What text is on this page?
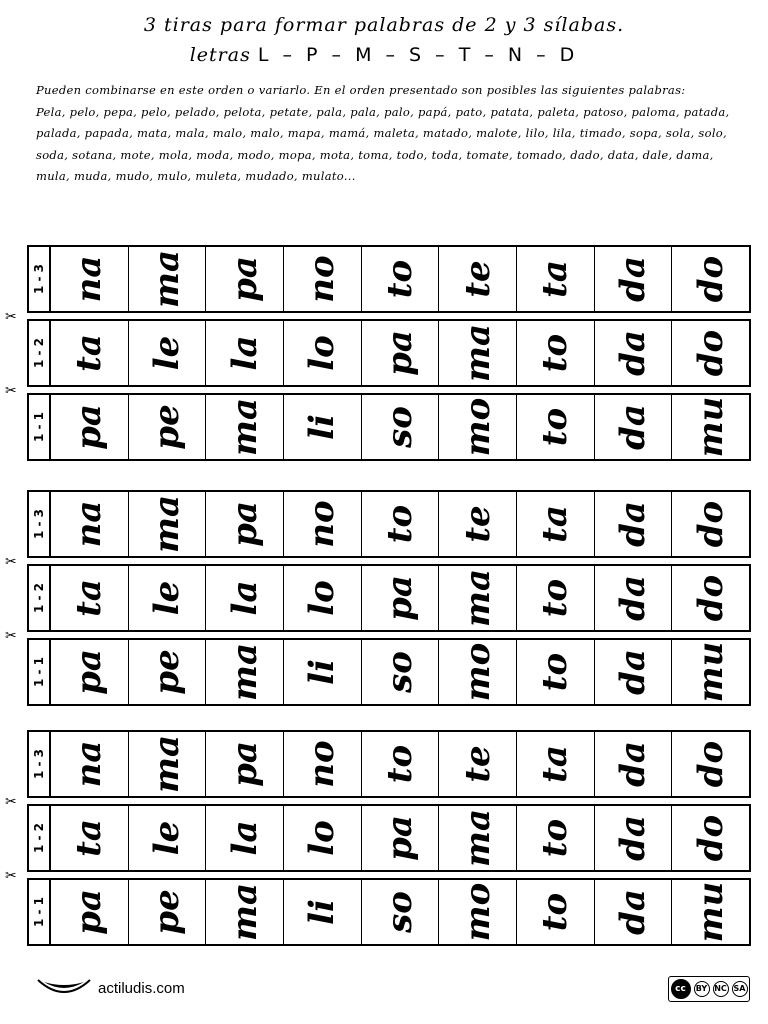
3 tiras para formar palabras de 2 y 3 sílabas.
letras L – P – M – S – T – N – D

Pueden combinarse en este orden o variarlo. En el orden presentado son posibles las siguientes palabras:

Pela, pelo, pepa, pelo, pelado, pelota, petate, pala, pala, palo, papá, pato, patata, paleta, patoso, paloma, patada, palada, papada, mata, mala, malo, malo, mapa, mamá, maleta, matado, malote, lilo, lila, timado, sopa, sola, solo, soda, sotana, mote, mola, moda, modo, mopa, mota, toma, todo, toda, tomate, tomado, dado, data, dale, dama, mula, muda, mudo, mulo, muleta, mudado, mulato...

1 - 3 na ma pa no to te ta da do
✂
1 - 2 ta le la lo pa ma to da do
✂
1 - 1 pa pe ma li so mo to da mu
1 - 3 na ma pa no to te ta da do
✂
1 - 2 ta le la lo pa ma to da do
✂
1 - 1 pa pe ma li so mo to da mu
1 - 3 na ma pa no to te ta da do
✂
1 - 2 ta le la lo pa ma to da do
✂
1 - 1 pa pe ma li so mo to da mu
actiludis.com	cc	BY NC SA
